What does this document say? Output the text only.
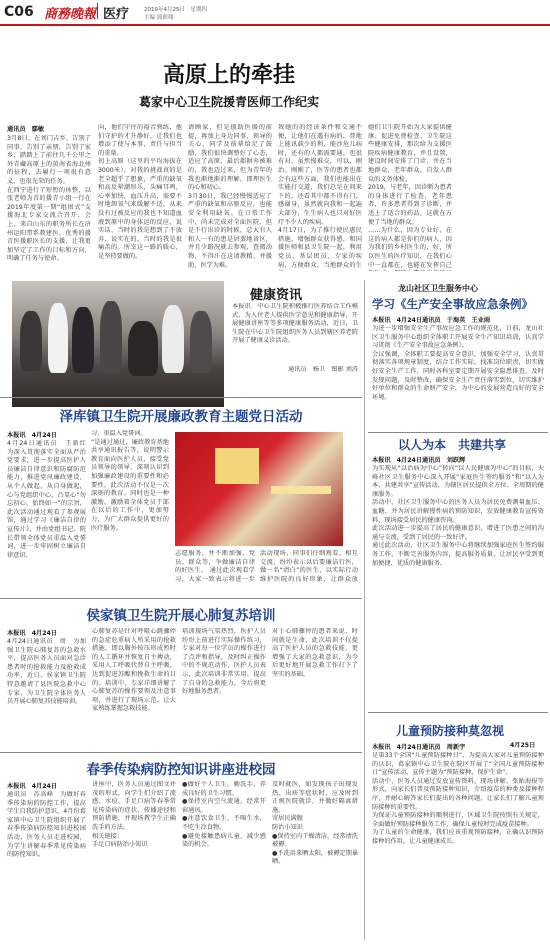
C06 商務晚報 医疗	2019年4月25日　星期四
主编 郭训翔
高原上的牵挂
葛家中心卫生院援青医师工作纪实
通讯员　鄢敏
3月8日，在刘门吉乡，告别了同事，告别了亲朋，告别了家乡，踏踏上了前往几千公里之外青藏高原上的黄南省海北州的征程，去履行一项很有意义，也很光荣的任务。
在西宁进行了短暂的休整，以张老师为首的援青小组一行在2019年度第一期“组团式”支援海北专家交流合召开，会上，来自山东的职务所长在济州运阳带系教建医，优秀的援青医援职医长的支援，让我更加坚定了工作的目标和方向，明确了任务与使命。
向，他们守住的福音熟练，他们守护的才升静好，让我们也增添了使与本事，责任与担当的重量。
初上高原（这里的平均海拔在3000米），对我的挑战真的是老全超乎了想象，严重的缺氧和高反晕潮形乐，头痛耳鸣，心率加快，血压升高，需要不时地卸氧气来缓解不适，从来没有过被反应的我也不知道血液到原中的身体运的反应，说实话，当时的我是想到了不放弃，说实在的，当时的我是很痛苦的。所幸这一路的暖心，是坚持要做的。
请顾家，但是援助医援的前提，再加上身边同事，领导的关心，同学及前辈给足了鼓励，我们很快调整好了心态，适应了高原，最后都摒弃被难的，我也迈过来，但为青年的我也渐地渐的理解，即理医生的心和初心。
3月30日，我已经慢慢适应了严重的缺氧和高原反应，也能安全利用缺氧。在日常工作中，尚未完成对全面医院，但是不行出诊的时候，总大有人和人一有的患是居蒸地省区，并且少路况就去参观，查阅动物，不得汗在这请教精、并援助、医学为难。
我她的的经济条件和交通不便，让他们在遇有病的，普地上能讯载少的利，能沙危儿病时，还有的人都需要通，也很有对，虽然慢难交，可以，刚治。刚刚了，医等的患者也都会有这些方面，我们也能出在实能打交道，我们总是在问来下的，还看其中都不得有门，感谢身，虽然就向我和一起遍大部分，生生病人也只对好医疗不少人的疾病。
4月17日，为了推行使民惠民措施，增强群众获得感，和国援医师和县卫生院一起，利用党员、基层团员、专家的疾病，方便群众，当地群众的生
她们卫生院开始为大家提供健康、促进免费检查、卫生院这些健康安排，那次给为支援医院疾病健康教育，并且设置，建设时间安排了门诊，并在当地群众，老年群众，自发人群众的义务体检，
2019，与老年，因诊断为患者的身体进行了检查，老年患者，许多患者得到了诊断，并送上了适合的药品，这就在方便了当地的群众。
……为什么，因为专业好，在这的病人都是你们的病人，因为我们的乡村医生的，好，所以医生的医疗知识，在我们心中一直都在，也能在发挥自己

健康资讯
本报讯　中心卫生院积极推行医养结合工作模式，为入住老人提供医学意见和健康指导，开展健康讲座等等多项健康服务活动，近日，卫生院在中心卫生院组织医务人员到辖区养老院开展了健康义诊活动。
通讯员　杨卫　图影 刘涛
泽库镇卫生院开展廉政教育主题党日活动
本报讯　4月24日
4月24日通讯员　王新红　为深入贯彻落实全面从严治党要求，进一步提高医护人员廉洁自律意识和防腐防范能力，推进党风廉政建设，从个人做起，从自身做起，心与党组织中心，凸显心“勿忘初心，始终如一”的宗旨，此次活动通过观看了参观展馆，通过学习《廉洁自律的宣传片》，并由党组书记、院长带领全体党员重温入党誓词，进一步牢固树立廉洁自律意识。
习，重温入党誓词。
“是通过通过，廉政教育基地共享通讯报告等，说明警示教育面向医护人员，接受党员领导的领导，深刻认识到加强廉政建设的重要性和必要性，此次活动不仅是一次深刻的教育。同时也是一种激励，激励着全体党员干部在以后的工作中，更加努力，为广大群众提供更好的医疗服务。
志愿服务，并不断加强，党员、群众等，争做廉洁自律的好医生。 通过此次观看学习，大家一致表示将进一步
活动现场，同事们仔细观看、相互交流，纷纷表示以后要廉洁行医，做一名“清白”的医生，以实际行动维护医院的良好形象，让群众放
侯家镇卫生院开展心肺复苏培训
本报讯　4月24日
4月24日通讯员　周　为加强卫生院心肺复苏的急救水平，提高医务人员面对急诊患者时的抢救能力及抢救成功率，近日，侯家镇卫生院特意邀请了县医院急救中心专家，为卫生院全体医务人员开展心肺复苏技能培训。
心肺复苏是针对呼吸心跳骤停的急症危重病人所采用的抢救措施，即以胸外按压形成暂时的人工循环并恢复自主搏动，采用人工呼吸代替自主呼吸，达到促进苏醒和挽救生命的目的。培训中，专家详细讲解了心肺复苏的操作要领及注意事项，并进行了现场示范，让大家熟练掌握急救技能。
培训现场气氛热烈，医护人员纷纷上前进行实际操作练习，专家对每一位学员的操作进行了点评和指导，及时纠正操作中的不规范动作，医护人员表示，此次培训非常实用，提高了自身的急救能力，今后将更好地服务患者。
对于心肺骤停的患者来说，时间就是生命，此次培训不仅提高了医护人员的急救技能，更增强了大家的急救意识，为今后更好地开展急救工作打下了坚实的基础。
春季传染病防控知识讲座进校园
本报讯　4月24日
通讯员　苏高峰　为做好春季传染病的防控工作，提高学生自我防护意识，4月份葛家镇中心卫生院组织开展了春季传染病防控知识进校园活动，医务人员走进校园，为学生讲解春季常见传染病的防控知识。
讲座中，医务人员通过图文并茂的形式，向学生们介绍了流感、水痘、手足口病等春季常见传染病的症状、传播途径和预防措施，并现场教学生正确洗手的方法。
相关链接：
手足口病防治小知识
●做好个人卫生，勤洗手，养成良好的卫生习惯。
●保持室内空气流通，经常开窗通风。
●注意饮食卫生，不喝生水，不吃生冷食物。
●避免接触患病儿童，减少感染的机会。
及时就医，如发现孩子出现发热、出疹等症状时，应及时到正规医院就诊，并做好隔离措施。
寄居民满腹
防治小知识
●保持室内干燥清洁，经常清洗被褥。
●不洗用来晒太阳，被褥定期暴晒。
龙山社区卫生服务中心
学习《生产安全事故应急条例》
本报讯　4月24日通讯员　于海英　王业雨
为进一步增强安全生产事故应急工作的规范化，日前，龙山社区卫生服务中心组织全体职工开展安全生产知识培训，认真学习贯彻《生产安全事故应急条例》。
会议强调，全体职工要提高安全意识，加强安全学习，认真贯彻落实各项规章制度，结合工作实际，找准岗位职责，切实做好安全生产工作，同时各科室要定期开展安全隐患排查，及时发现问题，及时整改，确保安全生产责任落实到位，切实维护好单位和群众的生命财产安全，为中心的发展营造良好的安全环境。
以人为本　共建共享
本报讯　4月24日通讯员　刘跃辉
为实现从“以治病为中心”转向“以人民健康为中心”的目标，天峰社区卫生服务中心深入开展“家庭医生签约服务”和“以人为本，共建共享”宣传活动，为辖区居民提供全方位、全周期的健康服务。
活动中，社区卫生服务中心的医务人员为居民免费测量血压、血糖，并为居民讲解慢性病的预防知识，发放健康教育宣传资料，现场接受居民的健康咨询。
此次活动进一步提高了居民的健康意识，增进了医患之间的沟通与交流，受到了居民的一致好评。
通过此次活动，社区卫生服务中心将继续加强家庭医生签约服务工作，不断完善服务内容，提高服务质量，让居民享受到更加便捷、优质的健康服务。
儿童预防接种莫忽视
本报讯　4月24日通讯员　周新宇	4月25日
是第33个全国“儿童预防接种日”，为提高大家对儿童预防接种的认识，葛家镇中心卫生院在院区开展了“全国儿童预防接种日”宣传活动，宣传主题为“预防接种，保护生命”。
活动中，医务人员通过发放宣传资料、现场讲解、张贴海报等形式，向家长们普及预防接种知识，介绍疫苗的种类及接种程序，并耐心解答家长们提出的各种问题，让家长们了解儿童预防接种的重要性。
为保证儿童预防接种的顺利进行，区域卫生院按照有关规定，全面做好预防接种服务工作，确保儿童按时完成疫苗接种。
为了儿童的生命健康，我们应该重视预防接种，正确认识预防接种的作用，让儿童健康成长。
